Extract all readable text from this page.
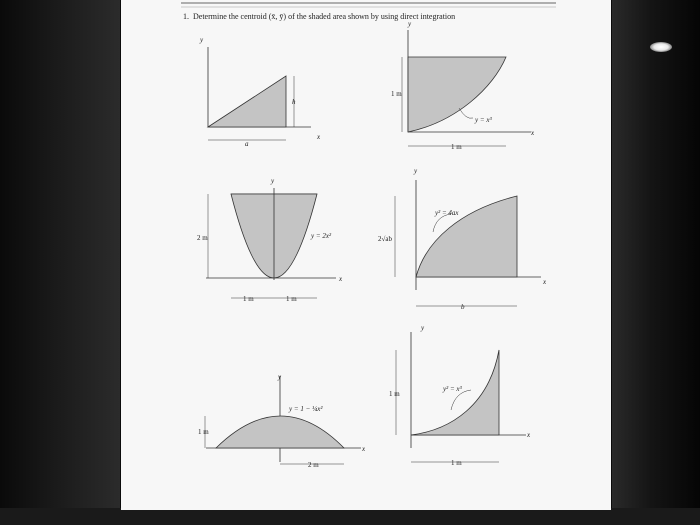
1. Determine the centroid (x̄, ȳ) of the shaded area shown by using direct integration
y
x
h
a
y
x
1 m
1 m
y = x³
y
x
2 m
1 m	1 m
y = 2x²
y
x
2√ab
b
y² = 4ax
y
x
1 m
2 m
y = 1 − ¼x²
y
x
1 m
1 m
y² = x³
